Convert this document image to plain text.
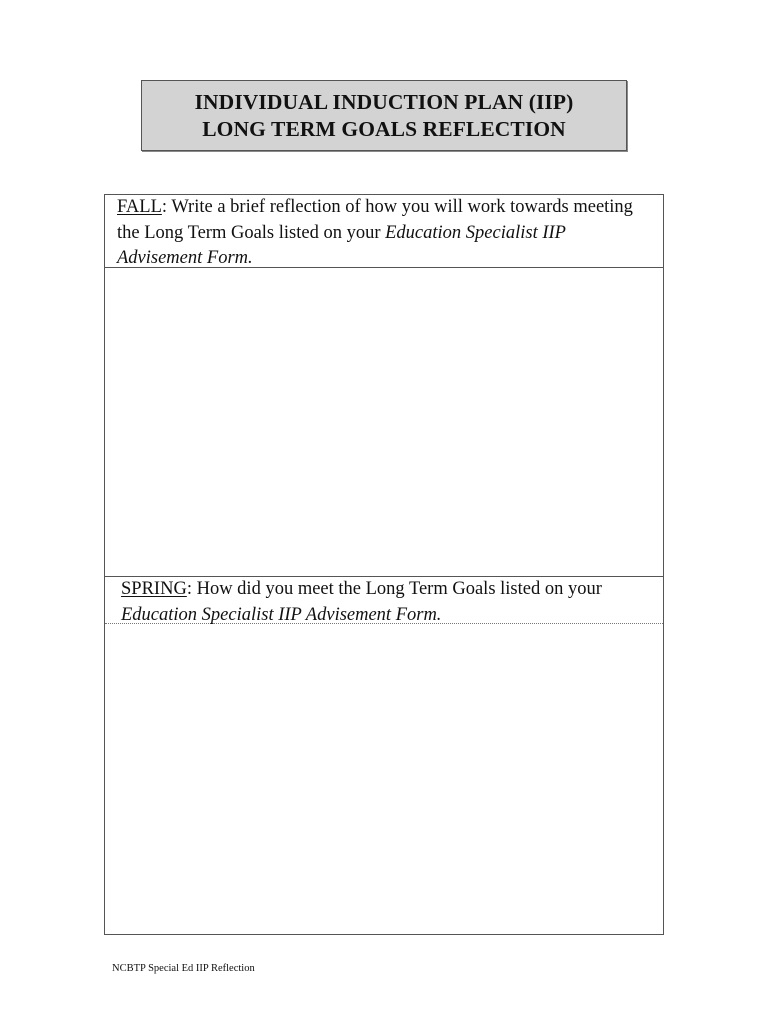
INDIVIDUAL INDUCTION PLAN (IIP)
LONG TERM GOALS REFLECTION
FALL: Write a brief reflection of how you will work towards meeting the Long Term Goals listed on your Education Specialist IIP Advisement Form.
SPRING: How did you meet the Long Term Goals listed on your Education Specialist IIP Advisement Form.
NCBTP Special Ed IIP Reflection
